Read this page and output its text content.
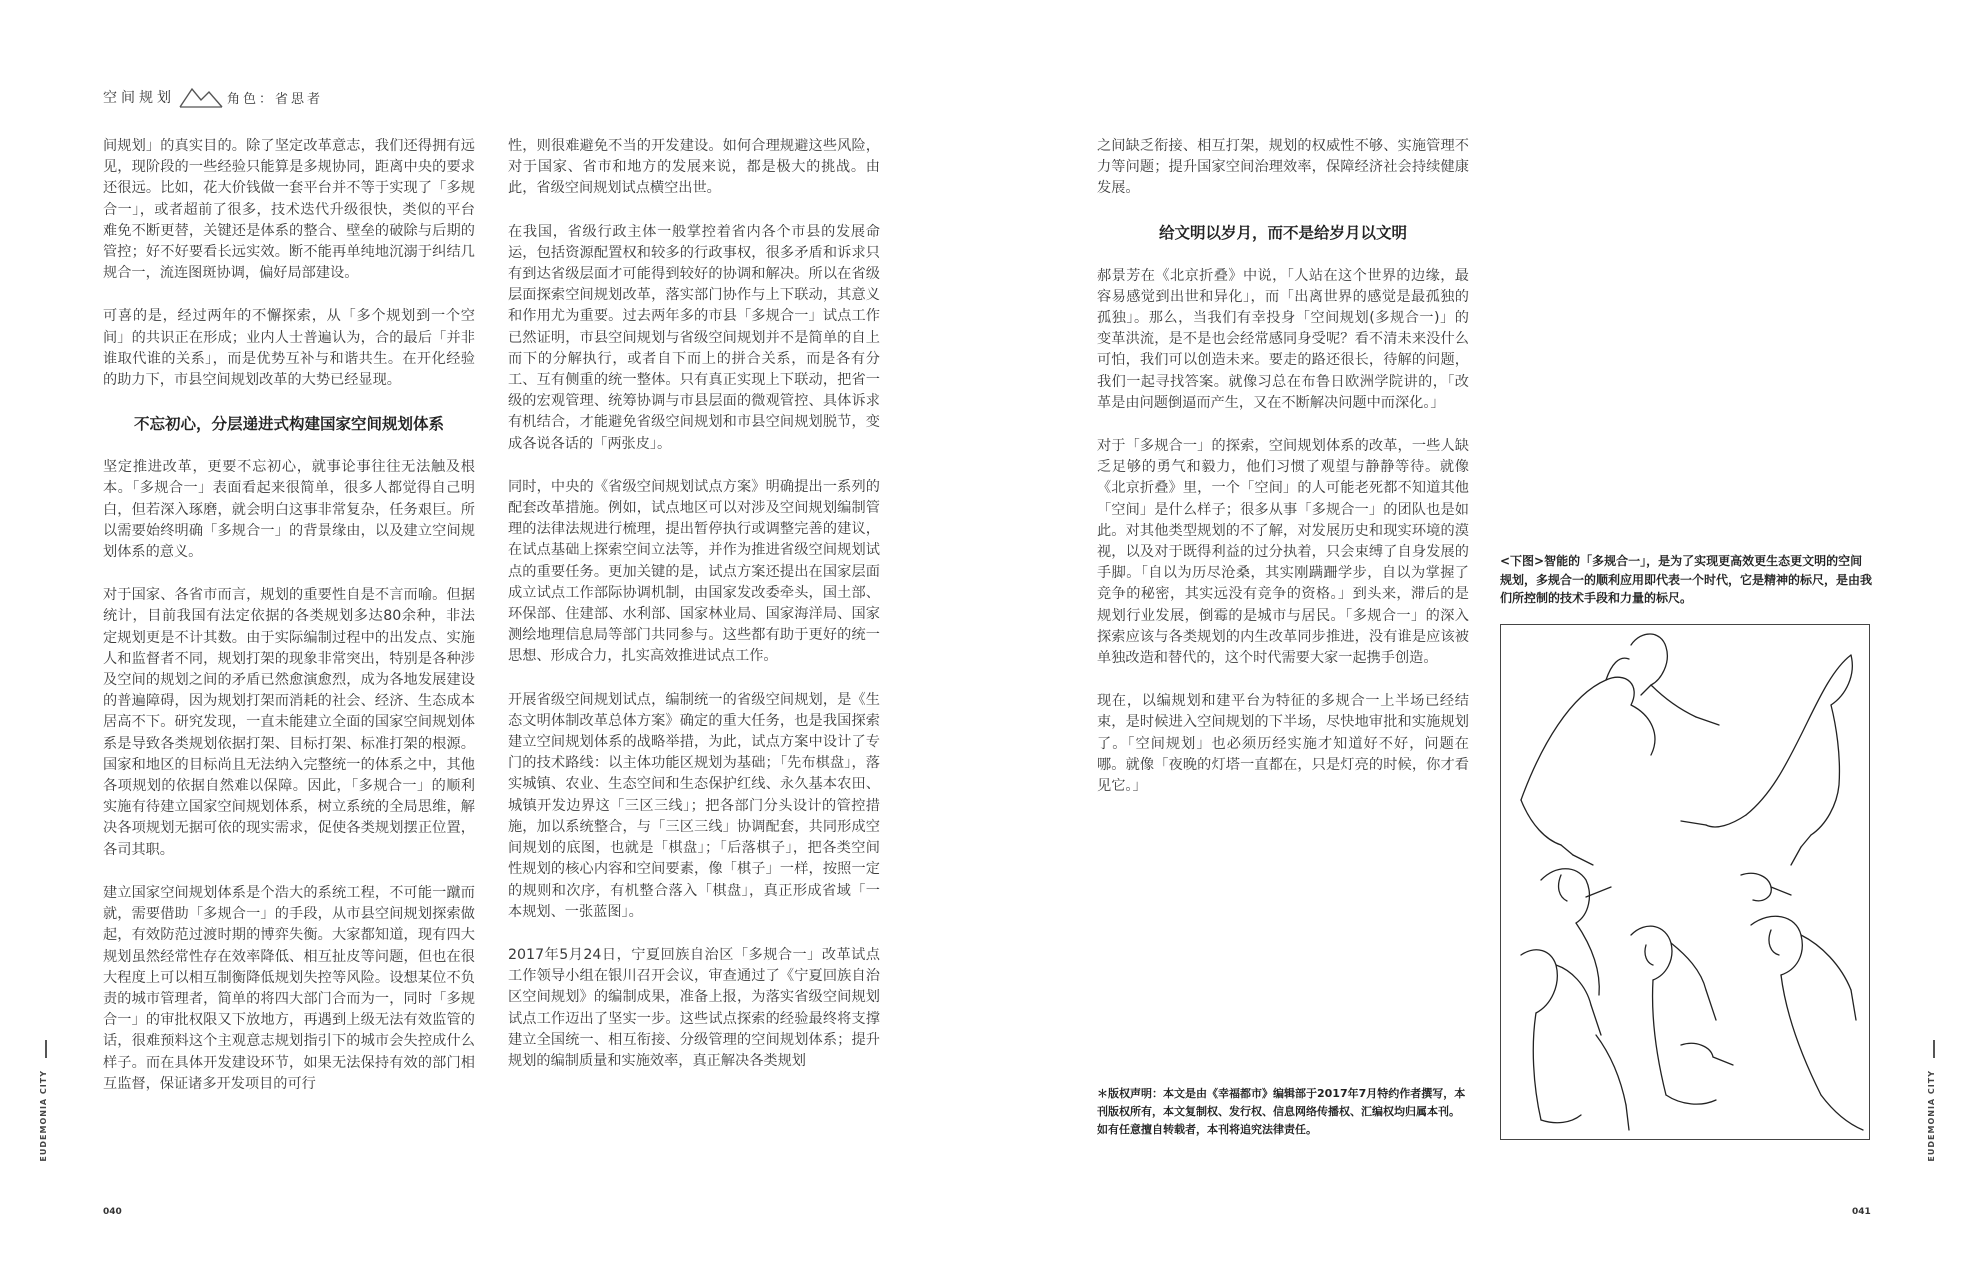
空间规划	角色：省思者

间规划」的真实目的。除了坚定改革意志，我们还得拥有远见，现阶段的一些经验只能算是多规协同，距离中央的要求还很远。比如，花大价钱做一套平台并不等于实现了「多规合一」，或者超前了很多，技术迭代升级很快，类似的平台难免不断更替，关键还是体系的整合、壁垒的破除与后期的管控；好不好要看长远实效。断不能再单纯地沉溺于纠结几规合一，流连图斑协调，偏好局部建设。

可喜的是，经过两年的不懈探索，从「多个规划到一个空间」的共识正在形成；业内人士普遍认为，合的最后「并非谁取代谁的关系」，而是优势互补与和谐共生。在开化经验的助力下，市县空间规划改革的大势已经显现。

不忘初心，分层递进式构建国家空间规划体系

坚定推进改革，更要不忘初心，就事论事往往无法触及根本。「多规合一」表面看起来很简单，很多人都觉得自己明白，但若深入琢磨，就会明白这事非常复杂，任务艰巨。所以需要始终明确「多规合一」的背景缘由，以及建立空间规划体系的意义。

对于国家、各省市而言，规划的重要性自是不言而喻。但据统计，目前我国有法定依据的各类规划多达80余种，非法定规划更是不计其数。由于实际编制过程中的出发点、实施人和监督者不同，规划打架的现象非常突出，特别是各种涉及空间的规划之间的矛盾已然愈演愈烈，成为各地发展建设的普遍障碍，因为规划打架而消耗的社会、经济、生态成本居高不下。研究发现，一直未能建立全面的国家空间规划体系是导致各类规划依据打架、目标打架、标准打架的根源。国家和地区的目标尚且无法纳入完整统一的体系之中，其他各项规划的依据自然难以保障。因此，「多规合一」的顺利实施有待建立国家空间规划体系，树立系统的全局思维，解决各项规划无据可依的现实需求，促使各类规划摆正位置，各司其职。

建立国家空间规划体系是个浩大的系统工程，不可能一蹴而就，需要借助「多规合一」的手段，从市县空间规划探索做起，有效防范过渡时期的博弈失衡。大家都知道，现有四大规划虽然经常性存在效率降低、相互扯皮等问题，但也在很大程度上可以相互制衡降低规划失控等风险。设想某位不负责的城市管理者，简单的将四大部门合而为一，同时「多规合一」的审批权限又下放地方，再遇到上级无法有效监管的话，很难预料这个主观意志规划指引下的城市会失控成什么样子。而在具体开发建设环节，如果无法保持有效的部门相互监督，保证诸多开发项目的可行

性，则很难避免不当的开发建设。如何合理规避这些风险，对于国家、省市和地方的发展来说，都是极大的挑战。由此，省级空间规划试点横空出世。

在我国，省级行政主体一般掌控着省内各个市县的发展命运，包括资源配置权和较多的行政事权，很多矛盾和诉求只有到达省级层面才可能得到较好的协调和解决。所以在省级层面探索空间规划改革，落实部门协作与上下联动，其意义和作用尤为重要。过去两年多的市县「多规合一」试点工作已然证明，市县空间规划与省级空间规划并不是简单的自上而下的分解执行，或者自下而上的拼合关系，而是各有分工、互有侧重的统一整体。只有真正实现上下联动，把省一级的宏观管理、统筹协调与市县层面的微观管控、具体诉求有机结合，才能避免省级空间规划和市县空间规划脱节，变成各说各话的「两张皮」。

同时，中央的《省级空间规划试点方案》明确提出一系列的配套改革措施。例如，试点地区可以对涉及空间规划编制管理的法律法规进行梳理，提出暂停执行或调整完善的建议，在试点基础上探索空间立法等，并作为推进省级空间规划试点的重要任务。更加关键的是，试点方案还提出在国家层面成立试点工作部际协调机制，由国家发改委牵头，国土部、环保部、住建部、水利部、国家林业局、国家海洋局、国家测绘地理信息局等部门共同参与。这些都有助于更好的统一思想、形成合力，扎实高效推进试点工作。

开展省级空间规划试点，编制统一的省级空间规划，是《生态文明体制改革总体方案》确定的重大任务，也是我国探索建立空间规划体系的战略举措，为此，试点方案中设计了专门的技术路线：以主体功能区规划为基础；「先布棋盘」，落实城镇、农业、生态空间和生态保护红线、永久基本农田、城镇开发边界这「三区三线」；把各部门分头设计的管控措施，加以系统整合，与「三区三线」协调配套，共同形成空间规划的底图，也就是「棋盘」；「后落棋子」，把各类空间性规划的核心内容和空间要素，像「棋子」一样，按照一定的规则和次序，有机整合落入「棋盘」，真正形成省域「一本规划、一张蓝图」。

2017年5月24日，宁夏回族自治区「多规合一」改革试点工作领导小组在银川召开会议，审查通过了《宁夏回族自治区空间规划》的编制成果，准备上报，为落实省级空间规划试点工作迈出了坚实一步。这些试点探索的经验最终将支撑建立全国统一、相互衔接、分级管理的空间规划体系；提升规划的编制质量和实施效率，真正解决各类规划

EUDEMONIA CITY
040

之间缺乏衔接、相互打架，规划的权威性不够、实施管理不力等问题；提升国家空间治理效率，保障经济社会持续健康发展。

给文明以岁月，而不是给岁月以文明

郝景芳在《北京折叠》中说，「人站在这个世界的边缘，最容易感觉到出世和异化」，而「出离世界的感觉是最孤独的孤独」。那么，当我们有幸投身「空间规划(多规合一)」的变革洪流，是不是也会经常感同身受呢？看不清未来没什么可怕，我们可以创造未来。要走的路还很长，待解的问题，我们一起寻找答案。就像习总在布鲁日欧洲学院讲的，「改革是由问题倒逼而产生，又在不断解决问题中而深化。」

对于「多规合一」的探索，空间规划体系的改革，一些人缺乏足够的勇气和毅力，他们习惯了观望与静静等待。就像《北京折叠》里，一个「空间」的人可能老死都不知道其他「空间」是什么样子；很多从事「多规合一」的团队也是如此。对其他类型规划的不了解，对发展历史和现实环境的漠视，以及对于既得利益的过分执着，只会束缚了自身发展的手脚。「自以为历尽沧桑，其实刚蹒跚学步，自以为掌握了竞争的秘密，其实远没有竞争的资格。」到头来，滞后的是规划行业发展，倒霉的是城市与居民。「多规合一」的深入探索应该与各类规划的内生改革同步推进，没有谁是应该被单独改造和替代的，这个时代需要大家一起携手创造。

现在，以编规划和建平台为特征的多规合一上半场已经结束，是时候进入空间规划的下半场，尽快地审批和实施规划了。「空间规划」也必须历经实施才知道好不好，问题在哪。就像「夜晚的灯塔一直都在，只是灯亮的时候，你才看见它。」

＊版权声明：本文是由《幸福都市》编辑部于2017年7月特约作者撰写，本刊版权所有，本文复制权、发行权、信息网络传播权、汇编权均归属本刊。如有任意擅自转载者，本刊将追究法律责任。
<下图>智能的「多规合一」，是为了实现更高效更生态更文明的空间规划，多规合一的顺利应用即代表一个时代，它是精神的标尺，是由我们所控制的技术手段和力量的标尺。
EUDEMONIA CITY
041
